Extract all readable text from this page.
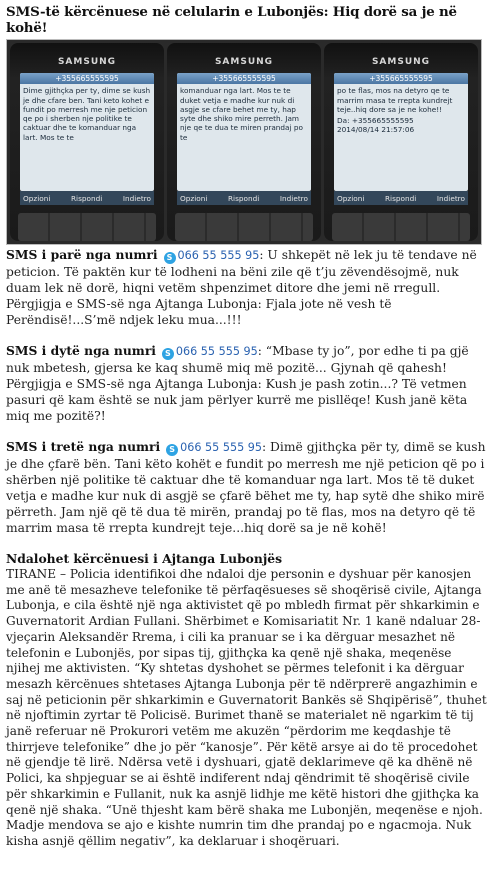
SMS-të kërcënuese në celularin e Lubonjës: Hiq dorë sa je në kohë!
SAMSUNG
+355665555595
Dime gjithçka per ty, dime se kush je dhe cfare ben. Tani keto kohet e fundit po merresh me nje peticion qe po i sherben nje politike te caktuar dhe te komanduar nga lart. Mos te te
Opzioni	Rispondi	Indietro
SAMSUNG
+355665555595
komanduar nga lart. Mos te te duket vetja e madhe kur nuk di asgje se cfare behet me ty, hap syte dhe shiko mire perreth. Jam nje qe te dua te miren prandaj po te
Opzioni	Rispondi	Indietro
SAMSUNG
+355665555595
po te flas, mos na detyro qe te marrim masa te rrepta kundrejt teje..hiq dore sa je ne kohe!!
Da: +355665555595
2014/08/14 21:57:06
Opzioni	Rispondi	Indietro

SMS i parë nga numri S 066 55 555 95: U shkepët në lek ju të tendave në peticion. Të paktën kur të lodheni na bëni zile që t’ju zëvendësojmë, nuk duam lek në dorë, hiqni vetëm shpenzimet ditore dhe jemi në rregull.

Përgjigja e SMS-së nga Ajtanga Lubonja: Fjala jote në vesh të Perëndisë!...S’më ndjek leku mua...!!!

SMS i dytë nga numri S 066 55 555 95: “Mbase ty jo”, por edhe ti pa gjë nuk mbetesh, gjersa ke kaq shumë miq më pozitë... Gjynah që qahesh!

Përgjigja e SMS-së nga Ajtanga Lubonja: Kush je pash zotin...? Të vetmen pasuri që kam është se nuk jam përlyer kurrë me pisllëqe! Kush janë këta miq me pozitë?!

SMS i tretë nga numri S 066 55 555 95: Dimë gjithçka për ty, dimë se kush je dhe çfarë bën. Tani këto kohët e fundit po merresh me një peticion që po i shërben një politike të caktuar dhe të komanduar nga lart. Mos të të duket vetja e madhe kur nuk di asgjë se çfarë bëhet me ty, hap sytë dhe shiko mirë përreth. Jam një që të dua të mirën, prandaj po të flas, mos na detyro që të marrim masa të rrepta kundrejt teje...hiq dorë sa je në kohë!

Ndalohet kërcënuesi i Ajtanga Lubonjës

TIRANE – Policia identifikoi dhe ndaloi dje personin e dyshuar për kanosjen me anë të mesazheve telefonike të përfaqësueses së shoqërisë civile, Ajtanga Lubonja, e cila është një nga aktivistet që po mbledh firmat për shkarkimin e Guvernatorit Ardian Fullani. Shërbimet e Komisariatit Nr. 1 kanë ndaluar 28-vjeçarin Aleksandër Rrema, i cili ka pranuar se i ka dërguar mesazhet në telefonin e Lubonjës, por sipas tij, gjithçka ka qenë një shaka, meqenëse njihej me aktivisten. “Ky shtetas dyshohet se përmes telefonit i ka dërguar mesazh kërcënues shtetases Ajtanga Lubonja për të ndërprerë angazhimin e saj në peticionin për shkarkimin e Guvernatorit Bankës së Shqipërisë”, thuhet në njoftimin zyrtar të Policisë. Burimet thanë se materialet në ngarkim të tij janë referuar në Prokurori vetëm me akuzën “përdorim me keqdashje të thirrjeve telefonike” dhe jo për “kanosje”. Për këtë arsye ai do të procedohet në gjendje të lirë. Ndërsa vetë i dyshuari, gjatë deklarimeve që ka dhënë në Polici, ka shpjeguar se ai është indiferent ndaj qëndrimit të shoqërisë civile për shkarkimin e Fullanit, nuk ka asnjë lidhje me këtë histori dhe gjithçka ka qenë një shaka. “Unë thjesht kam bërë shaka me Lubonjën, meqenëse e njoh. Madje mendova se ajo e kishte numrin tim dhe prandaj po e ngacmoja. Nuk kisha asnjë qëllim negativ”, ka deklaruar i shoqëruari.
